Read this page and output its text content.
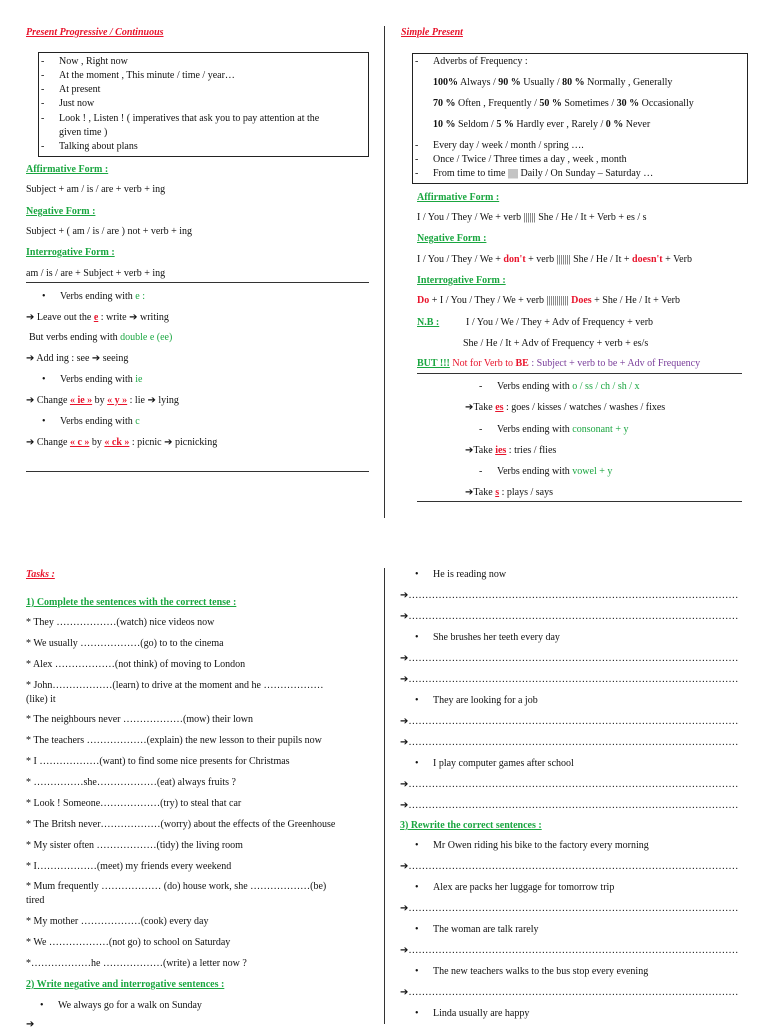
Present Progressive / Continuous
- Now , Right now
- At the moment , This minute / time / year…
- At present
- Just now
- Look ! , Listen ! ( imperatives that ask you to pay attention at the
given time )
- Talking about plans
Affirmative Form :
Subject + am / is / are + verb + ing
Negative Form :
Subject + ( am / is / are ) not + verb + ing
Interrogative Form :
am / is / are + Subject + verb + ing
• Verbs ending with e :
➔ Leave out the e : write ➔ writing
But verbs ending with double e (ee)
➔ Add ing : see ➔ seeing
• Verbs ending with ie
➔ Change « ie » by « y » : lie ➔ lying
• Verbs ending with c
➔ Change « c » by « ck » : picnic ➔ picnicking
Simple Present
- Adverbs of Frequency :
100% Always / 90 % Usually / 80 % Normally , Generally
70 % Often , Frequently / 50 % Sometimes / 30 % Occasionally
10 % Seldom / 5 % Hardly ever , Rarely / 0 % Never
- Every day / week / month / spring ….
- Once / Twice / Three times a day , week , month
- From time to time ||||| Daily / On Sunday – Saturday …
Affirmative Form :
I / You / They / We + verb |||||| She / He / It + Verb + es / s
Negative Form :
I / You / They / We + don't + verb ||||||| She / He / It + doesn't + Verb
Interrogative Form :
Do + I / You / They / We + verb ||||||||||| Does + She / He / It + Verb
N.B :	I / You / We / They + Adv of Frequency + verb
She / He / It + Adv of Frequency + verb + es/s
BUT !!! Not for Verb to BE : Subject + verb to be + Adv of Frequency
- Verbs ending with o / ss / ch / sh / x
➔Take es : goes / kisses / watches / washes / fixes
- Verbs ending with consonant + y
➔Take ies : tries / flies
- Verbs ending with vowel + y
➔Take s : plays / says
Tasks :
1) Complete the sentences with the correct tense :
* They ………………(watch) nice videos now
* We usually ………………(go) to to the cinema
* Alex ………………(not think) of moving to London
* John………………(learn) to drive at the moment and he ………………
(like) it
* The neighbours never ………………(mow) their lown
* The teachers ………………(explain) the new lesson to their pupils now
* I ………………(want) to find some nice presents for Christmas
* ……………she………………(eat) always fruits ?
* Look ! Someone………………(try) to steal that car
* The Britsh never………………(worry) about the effects of the Greenhouse
* My sister often ………………(tidy) the living room
* I………………(meet) my friends every weekend
* Mum frequently ……………… (do) house work, she ………………(be)
tired
* My mother ………………(cook) every day
* We ………………(not go) to school on Saturday
*………………he ………………(write) a letter now ?
2) Write negative and interrogative sentences :
• We always go for a walk on Sunday
➔
• He is reading now
➔………………………………………………………………………………………
➔………………………………………………………………………………………
• She brushes her teeth every day
➔………………………………………………………………………………………
➔………………………………………………………………………………………
• They are looking for a job
➔………………………………………………………………………………………
➔………………………………………………………………………………………
• I play computer games after school
➔………………………………………………………………………………………
➔………………………………………………………………………………………
3) Rewrite the correct sentences :
• Mr Owen riding his bike to the factory every morning
➔………………………………………………………………………………………
• Alex are packs her luggage for tomorrow trip
➔………………………………………………………………………………………
• The woman are talk rarely
➔………………………………………………………………………………………
• The new teachers walks to the bus stop every evening
➔………………………………………………………………………………………
• Linda usually are happy
